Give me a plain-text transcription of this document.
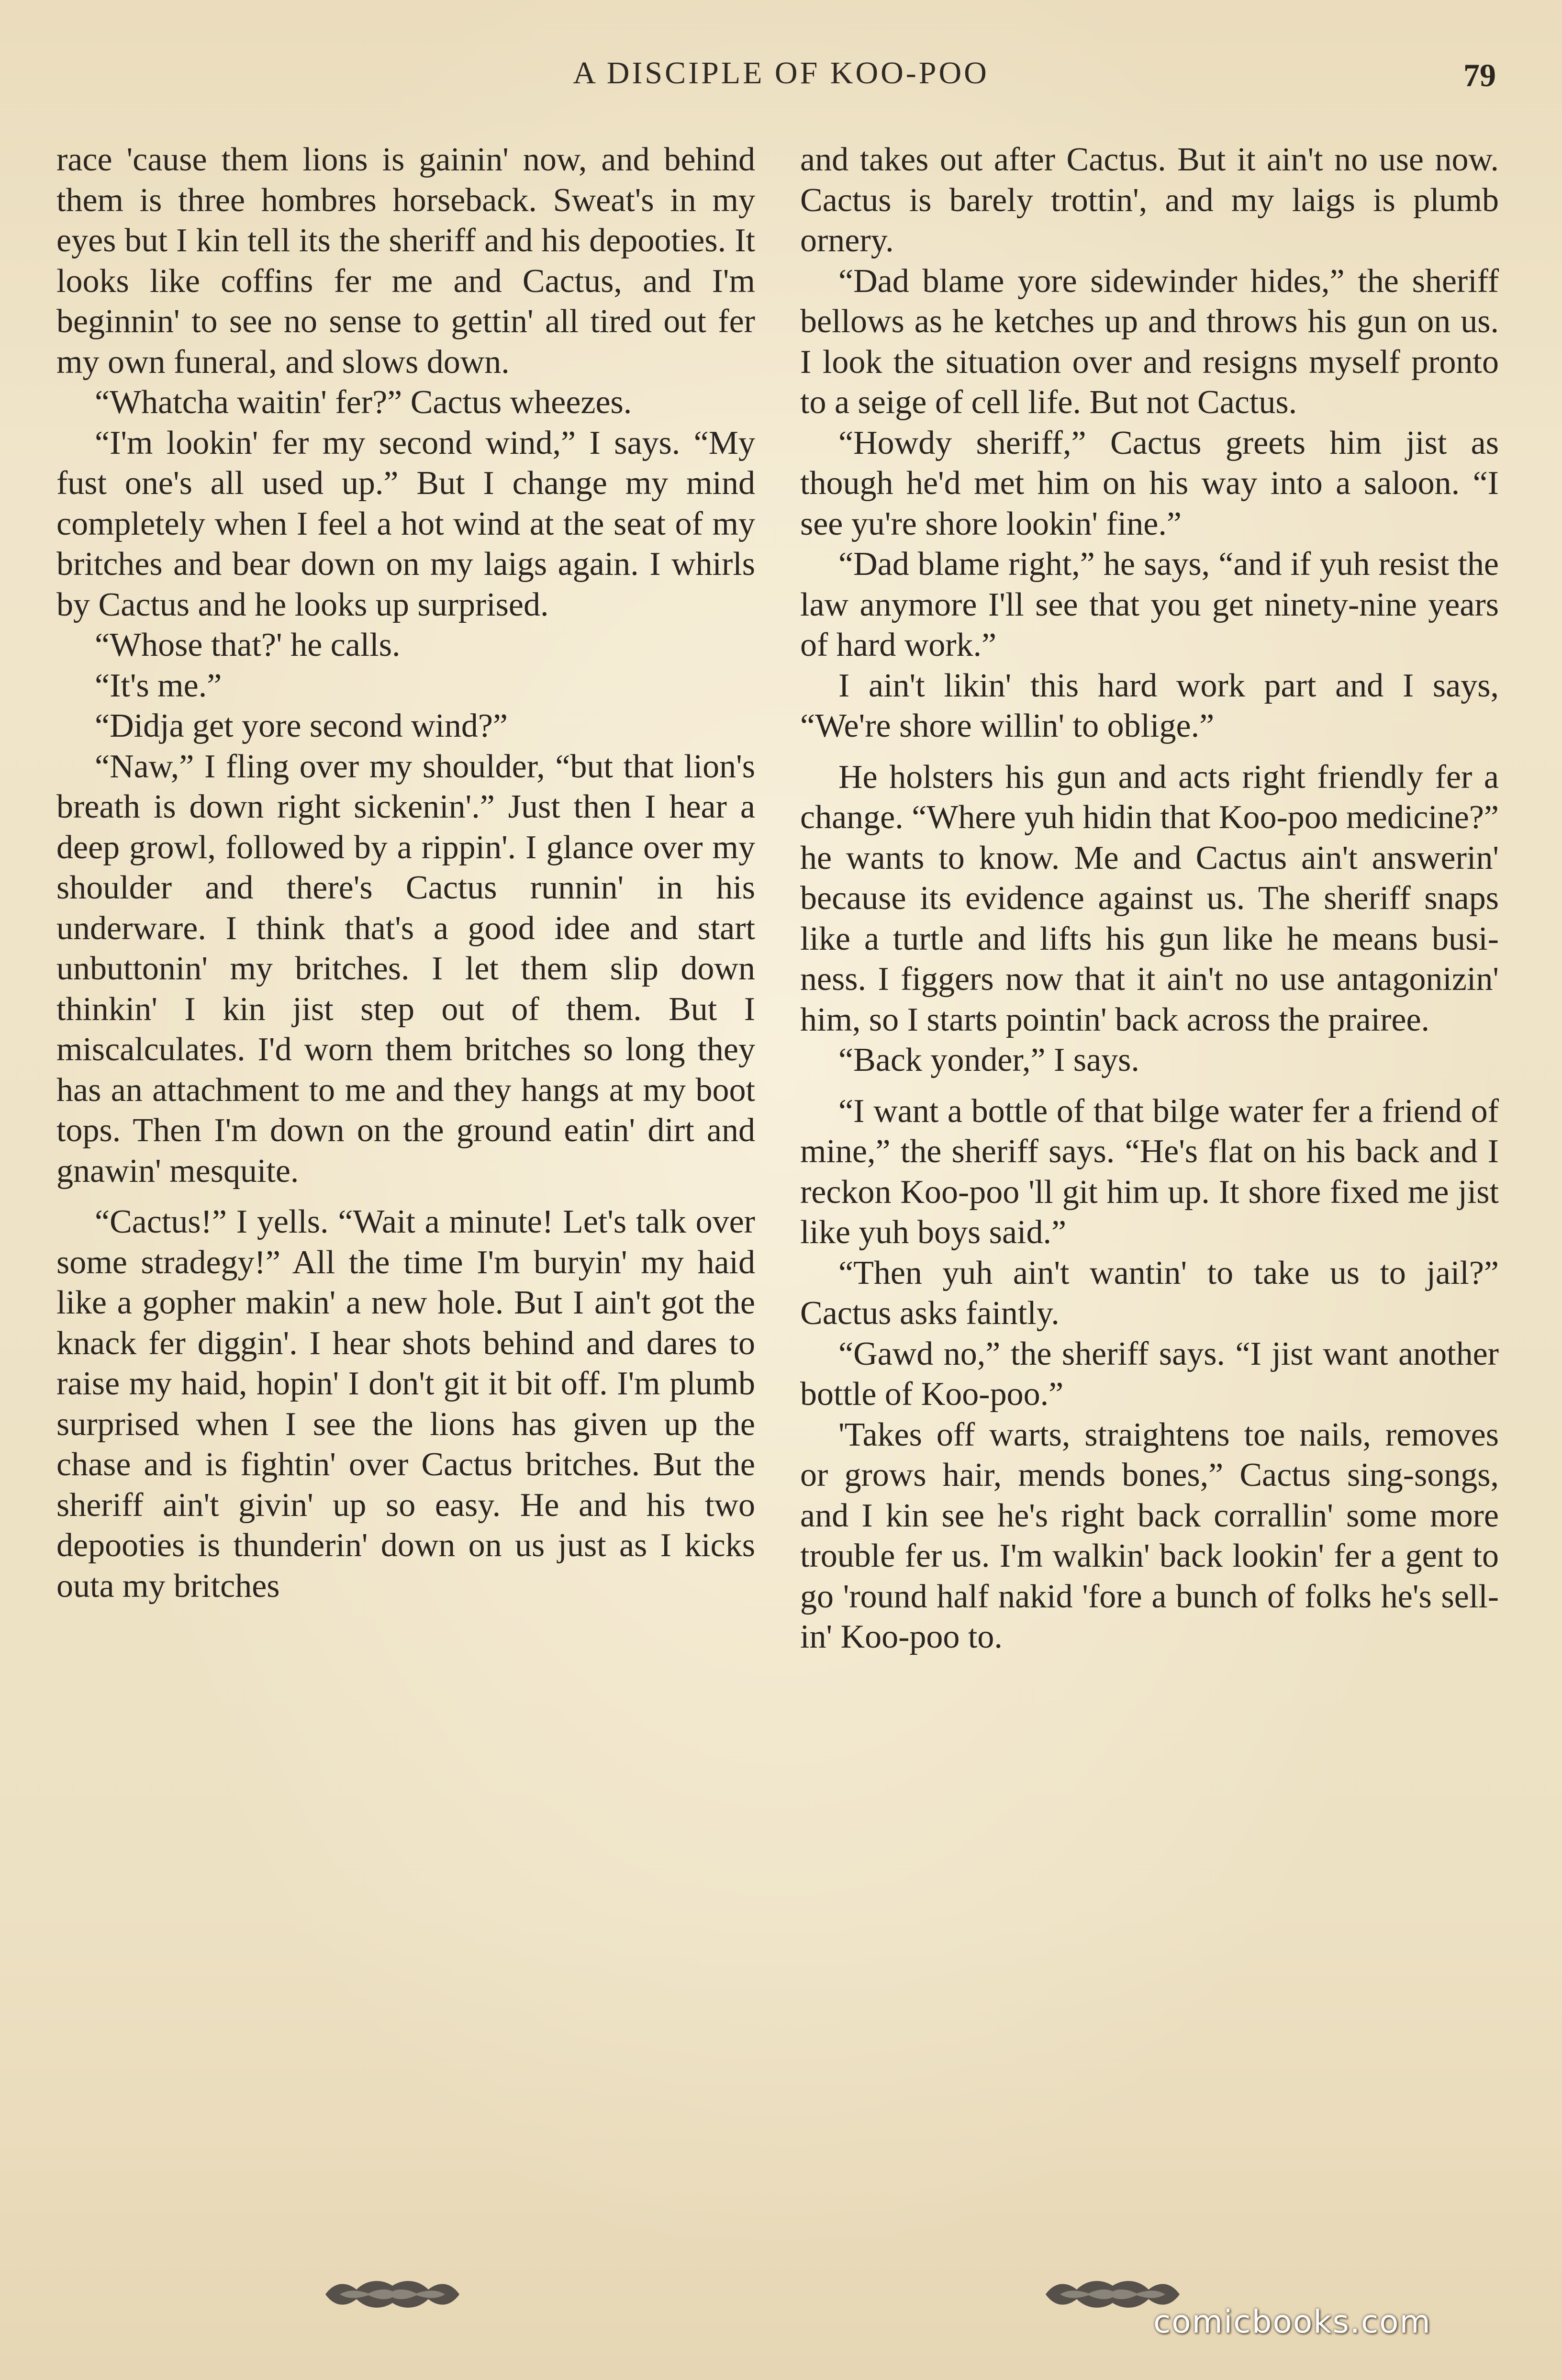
A DISCIPLE OF KOO-POO	79

race 'cause them lions is gainin' now, and behind them is three hombres horseback. Sweat's in my eyes but I kin tell its the sheriff and his depooties. It looks like coffins fer me and Cactus, and I'm beginnin' to see no sense to gettin' all tired out fer my own funeral, and slows down.

“Whatcha waitin' fer?” Cactus wheezes.

“I'm lookin' fer my second wind,” I says. “My fust one's all used up.” But I change my mind completely when I feel a hot wind at the seat of my britches and bear down on my laigs again. I whirls by Cactus and he looks up surprised.

“Whose that?' he calls.

“It's me.”

“Didja get yore second wind?”

“Naw,” I fling over my shoulder, “but that lion's breath is down right sickenin'.” Just then I hear a deep growl, followed by a rippin'. I glance over my shoulder and there's Cactus runnin' in his underware. I think that's a good idee and start unbuttonin' my britches. I let them slip down thinkin' I kin jist step out of them. But I miscalculates. I'd worn them britches so long they has an attachment to me and they hangs at my boot tops. Then I'm down on the ground eatin' dirt and gnawin' mesquite.

“Cactus!” I yells. “Wait a minute! Let's talk over some stradegy!” All the time I'm buryin' my haid like a gopher makin' a new hole. But I ain't got the knack fer diggin'. I hear shots behind and dares to raise my haid, hopin' I don't git it bit off. I'm plumb surprised when I see the lions has given up the chase and is fightin' over Cactus britches. But the sheriff ain't givin' up so easy. He and his two depooties is thunderin' down on us just as I kicks outa my britches

and takes out after Cactus. But it ain't no use now. Cactus is barely trottin', and my laigs is plumb ornery.

“Dad blame yore sidewinder hides,” the sheriff bellows as he ketches up and throws his gun on us. I look the situation over and resigns myself pronto to a seige of cell life. But not Cactus.

“Howdy sheriff,” Cactus greets him jist as though he'd met him on his way into a saloon. “I see yu're shore lookin' fine.”

“Dad blame right,” he says, “and if yuh resist the law anymore I'll see that you get ninety-nine years of hard work.”

I ain't likin' this hard work part and I says, “We're shore willin' to oblige.”

He holsters his gun and acts right friendly fer a change. “Where yuh hidin that Koo-poo medicine?” he wants to know. Me and Cactus ain't answerin' because its evidence against us. The sheriff snaps like a turtle and lifts his gun like he means business. I figgers now that it ain't no use antagonizin' him, so I starts pointin' back across the prairee.

“Back yonder,” I says.

“I want a bottle of that bilge water fer a friend of mine,” the sheriff says. “He's flat on his back and I reckon Koo-poo 'll git him up. It shore fixed me jist like yuh boys said.”

“Then yuh ain't wantin' to take us to jail?” Cactus asks faintly.

“Gawd no,” the sheriff says. “I jist want another bottle of Koo-poo.”

'Takes off warts, straightens toe nails, removes or grows hair, mends bones,” Cactus sing-songs, and I kin see he's right back corrallin' some more trouble fer us. I'm walkin' back lookin' fer a gent to go 'round half nakid 'fore a bunch of folks he's sellin' Koo-poo to.

comicbooks.com
